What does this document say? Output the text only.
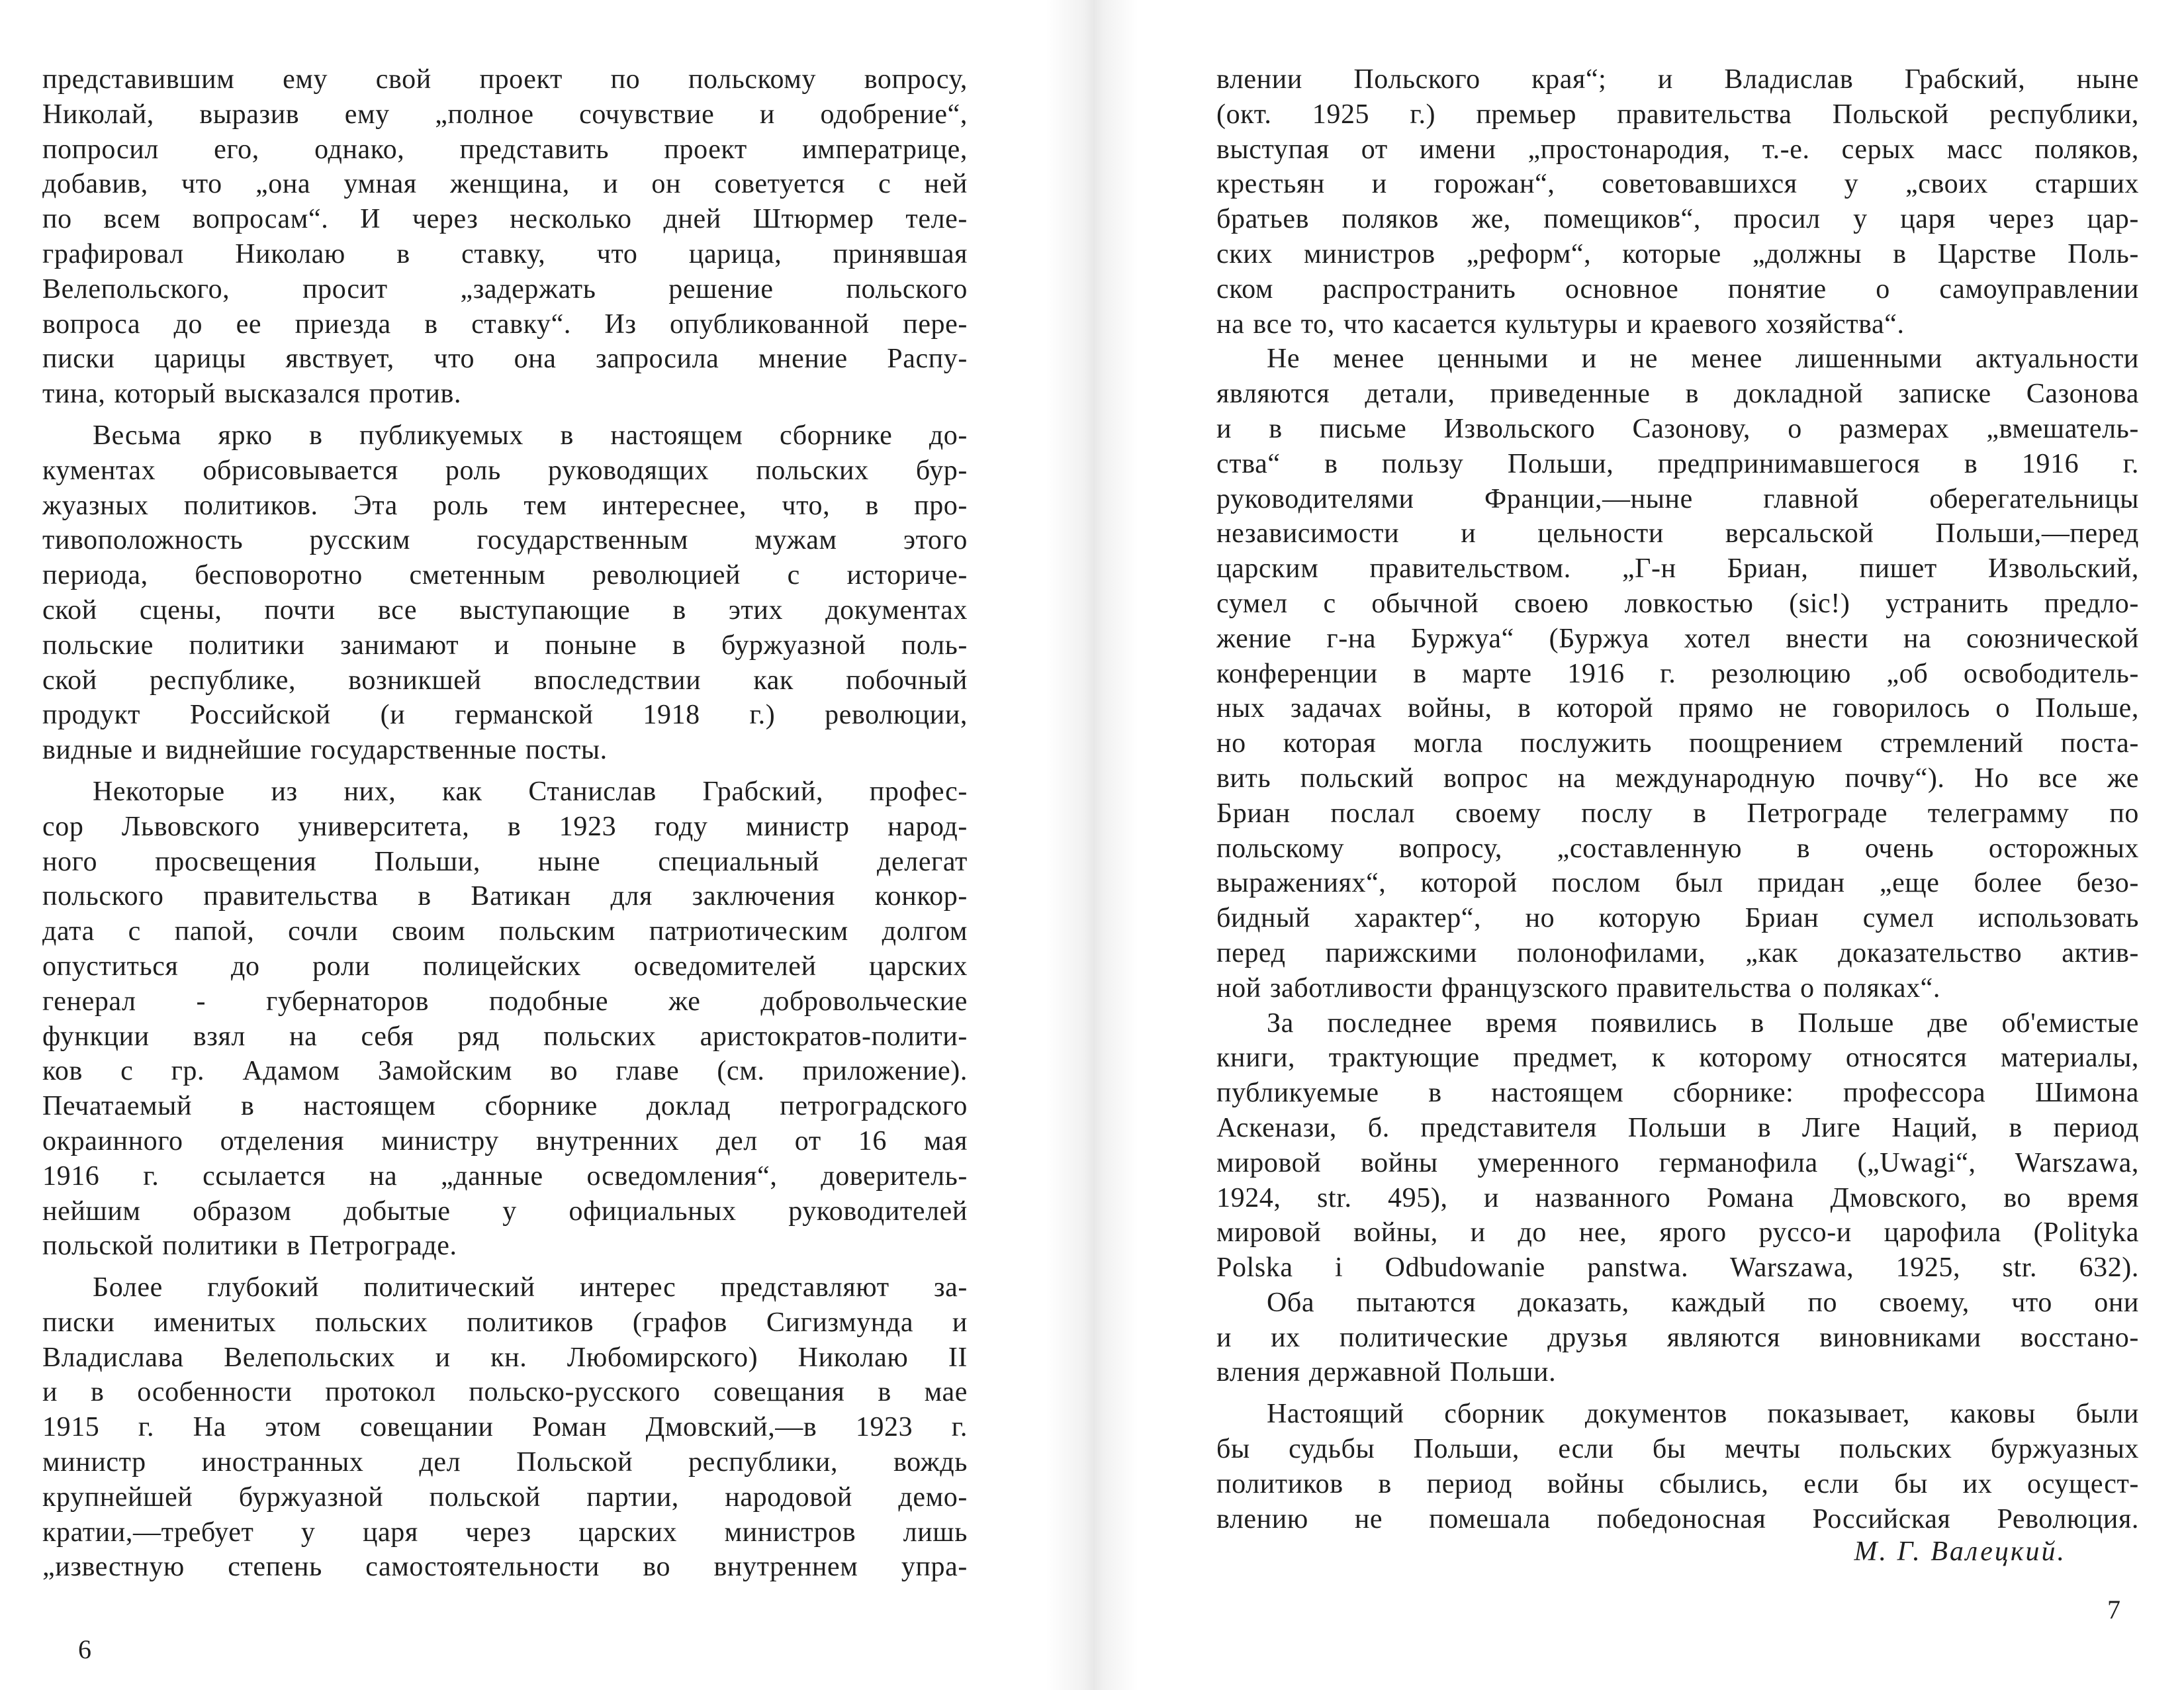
представившим ему свой проект по польскому вопросу,
Николай, выразив ему „полное сочувствие и одобрение“,
попросил его, однако, представить проект императрице,
добавив, что „она умная женщина, и он советуется с ней
по всем вопросам“. И через несколько дней Штюрмер теле-
графировал Николаю в ставку, что царица, принявшая
Велепольского, просит „задержать решение польского
вопроса до ее приезда в ставку“. Из опубликованной пере-
писки царицы явствует, что она запросила мнение Распу-
тина, который высказался против.
Весьма ярко в публикуемых в настоящем сборнике до-
кументах обрисовывается роль руководящих польских бур-
жуазных политиков. Эта роль тем интереснее, что, в про-
тивоположность русским государственным мужам этого
периода, бесповоротно сметенным революцией с историче-
ской сцены, почти все выступающие в этих документах
польские политики занимают и поныне в буржуазной поль-
ской республике, возникшей впоследствии как побочный
продукт Российской (и германской 1918 г.) революции,
видные и виднейшие государственные посты.
Некоторые из них, как Станислав Грабский, профес-
сор Львовского университета, в 1923 году министр народ-
ного просвещения Польши, ныне специальный делегат
польского правительства в Ватикан для заключения конкор-
дата с папой, сочли своим польским патриотическим долгом
опуститься до роли полицейских осведомителей царских
генерал - губернаторов подобные же добровольческие
функции взял на себя ряд польских аристократов-полити-
ков с гр. Адамом Замойским во главе (см. приложение).
Печатаемый в настоящем сборнике доклад петроградского
окраинного отделения министру внутренних дел от 16 мая
1916 г. ссылается на „данные осведомления“, доверитель-
нейшим образом добытые у официальных руководителей
польской политики в Петрограде.
Более глубокий политический интерес представляют за-
писки именитых польских политиков (графов Сигизмунда и
Владислава Велепольских и кн. Любомирского) Николаю II
и в особенности протокол польско-русского совещания в мае
1915 г. На этом совещании Роман Дмовский,—в 1923 г.
министр иностранных дел Польской республики, вождь
крупнейшей буржуазной польской партии, народовой демо-
кратии,—требует у царя через царских министров лишь
„известную степень самостоятельности во внутреннем упра-
6
влении Польского края“; и Владислав Грабский, ныне
(окт. 1925 г.) премьер правительства Польской республики,
выступая от имени „простонародия, т.-е. серых масс поляков,
крестьян и горожан“, советовавшихся у „своих старших
братьев поляков же, помещиков“, просил у царя через цар-
ских министров „реформ“, которые „должны в Царстве Поль-
ском распространить основное понятие о самоуправлении
на все то, что касается культуры и краевого хозяйства“.
Не менее ценными и не менее лишенными актуальности
являются детали, приведенные в докладной записке Сазонова
и в письме Извольского Сазонову, о размерах „вмешатель-
ства“ в пользу Польши, предпринимавшегося в 1916 г.
руководителями Франции,—ныне главной оберегательницы
независимости и цельности версальской Польши,—перед
царским правительством. „Г-н Бриан, пишет Извольский,
сумел с обычной своею ловкостью (sic!) устранить предло-
жение г-на Буржуа“ (Буржуа хотел внести на союзнической
конференции в марте 1916 г. резолюцию „об освободитель-
ных задачах войны, в которой прямо не говорилось о Польше,
но которая могла послужить поощрением стремлений поста-
вить польский вопрос на международную почву“). Но все же
Бриан послал своему послу в Петрограде телеграмму по
польскому вопросу, „составленную в очень осторожных
выражениях“, которой послом был придан „еще более безо-
бидный характер“, но которую Бриан сумел использовать
перед парижскими полонофилами, „как доказательство актив-
ной заботливости французского правительства о поляках“.
За последнее время появились в Польше две об'емистые
книги, трактующие предмет, к которому относятся материалы,
публикуемые в настоящем сборнике: профессора Шимона
Аскенази, б. представителя Польши в Лиге Наций, в период
мировой войны умеренного германофила („Uwagi“, Warszawa,
1924, str. 495), и названного Романа Дмовского, во время
мировой войны, и до нее, ярого руссо-и царофила (Polityka
Polska i Odbudowanie panstwa. Warszawa, 1925, str. 632).
Оба пытаются доказать, каждый по своему, что они
и их политические друзья являются виновниками восстано-
вления державной Польши.
Настоящий сборник документов показывает, каковы были
бы судьбы Польши, если бы мечты польских буржуазных
политиков в период войны сбылись, если бы их осущест-
влению не помешала победоносная Российская Революция.
М. Г. Валецкий.
7
